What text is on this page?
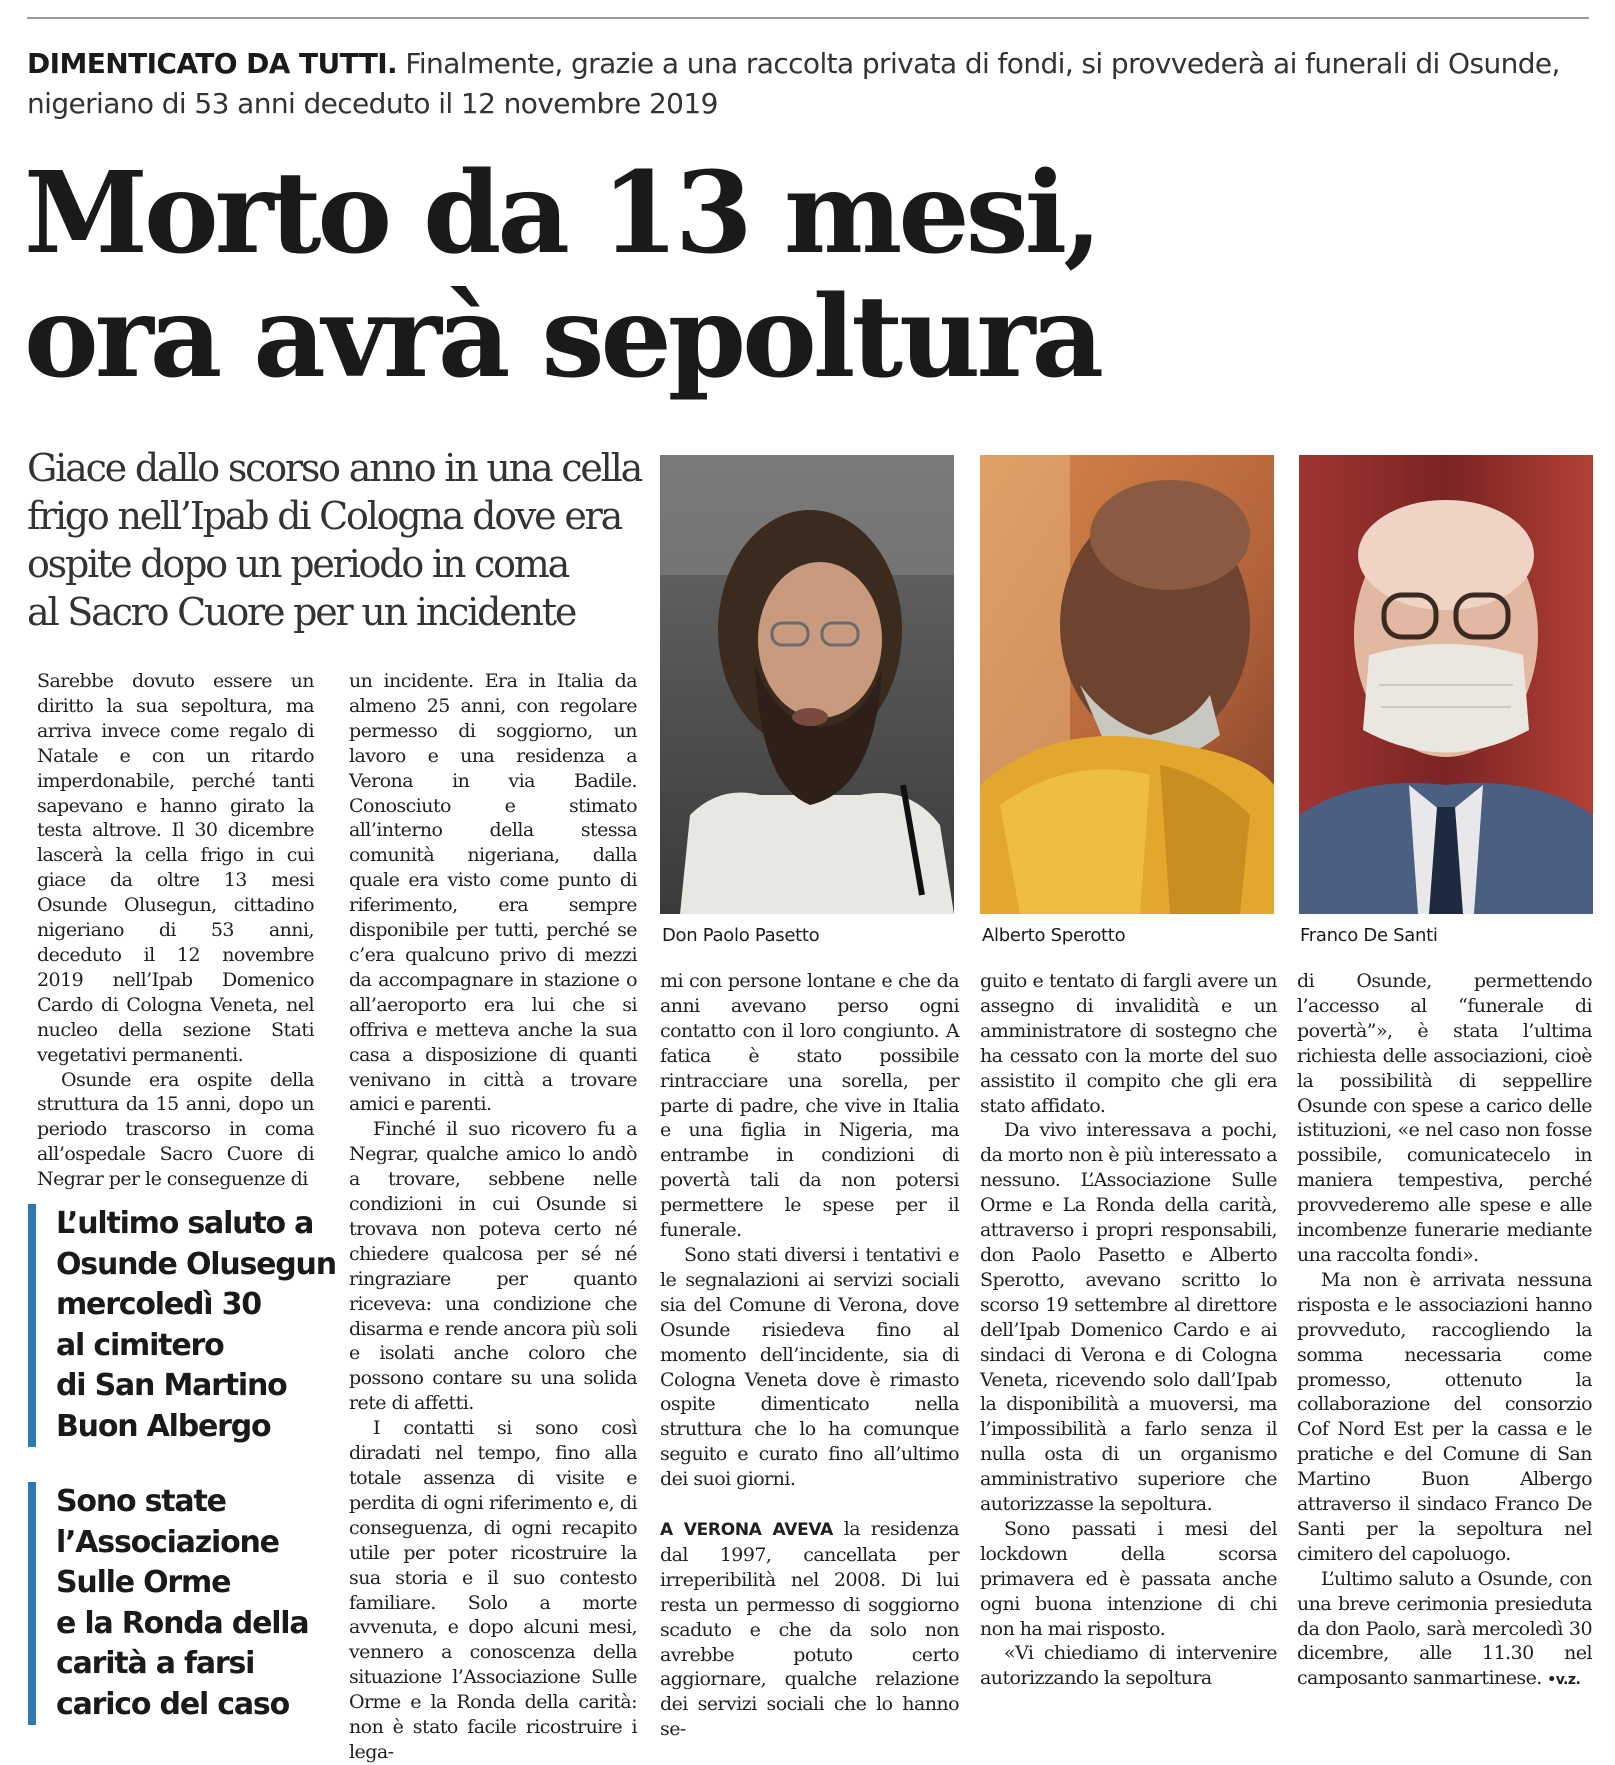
DIMENTICATO DA TUTTI. Finalmente, grazie a una raccolta privata di fondi, si provvederà ai funerali di Osunde, nigeriano di 53 anni deceduto il 12 novembre 2019
Morto da 13 mesi,
ora avrà sepoltura
Giace dallo scorso anno in una cella
frigo nell’Ipab di Cologna dove era
ospite dopo un periodo in coma
al Sacro Cuore per un incidente
Don Paolo Pasetto	Alberto Sperotto	Franco De Santi

Sarebbe dovuto essere un diritto la sua sepoltura, ma arriva invece come regalo di Natale e con un ritardo imperdonabile, perché tanti sapevano e hanno girato la testa altrove. Il 30 dicembre lascerà la cella frigo in cui giace da oltre 13 mesi Osunde Olusegun, cittadino nigeriano di 53 anni, deceduto il 12 novembre 2019 nell’Ipab Domenico Cardo di Cologna Veneta, nel nucleo della sezione Stati vegetativi permanenti.

Osunde era ospite della struttura da 15 anni, dopo un periodo trascorso in coma all’ospedale Sacro Cuore di Negrar per le conseguenze di

un incidente. Era in Italia da almeno 25 anni, con regolare permesso di soggiorno, un lavoro e una residenza a Verona in via Badile. Conosciuto e stimato all’interno della stessa comunità nigeriana, dalla quale era visto come punto di riferimento, era sempre disponibile per tutti, perché se c’era qualcuno privo di mezzi da accompagnare in stazione o all’aeroporto era lui che si offriva e metteva anche la sua casa a disposizione di quanti venivano in città a trovare amici e parenti.

Finché il suo ricovero fu a Negrar, qualche amico lo andò a trovare, sebbene nelle condizioni in cui Osunde si trovava non poteva certo né chiedere qualcosa per sé né ringraziare per quanto riceveva: una condizione che disarma e rende ancora più soli e isolati anche coloro che possono contare su una solida rete di affetti.

I contatti si sono così diradati nel tempo, fino alla totale assenza di visite e perdita di ogni riferimento e, di conseguenza, di ogni recapito utile per poter ricostruire la sua storia e il suo contesto familiare. Solo a morte avvenuta, e dopo alcuni mesi, vennero a conoscenza della situazione l’Associazione Sulle Orme e la Ronda della carità: non è stato facile ricostruire i lega-

mi con persone lontane e che da anni avevano perso ogni contatto con il loro congiunto. A fatica è stato possibile rintracciare una sorella, per parte di padre, che vive in Italia e una figlia in Nigeria, ma entrambe in condizioni di povertà tali da non potersi permettere le spese per il funerale.

Sono stati diversi i tentativi e le segnalazioni ai servizi sociali sia del Comune di Verona, dove Osunde risiedeva fino al momento dell’incidente, sia di Cologna Veneta dove è rimasto ospite dimenticato nella struttura che lo ha comunque seguito e curato fino all’ultimo dei suoi giorni.

A VERONA AVEVA la residenza dal 1997, cancellata per irreperibilità nel 2008. Di lui resta un permesso di soggiorno scaduto e che da solo non avrebbe potuto certo aggiornare, qualche relazione dei servizi sociali che lo hanno se-

guito e tentato di fargli avere un assegno di invalidità e un amministratore di sostegno che ha cessato con la morte del suo assistito il compito che gli era stato affidato.

Da vivo interessava a pochi, da morto non è più interessato a nessuno. L’Associazione Sulle Orme e La Ronda della carità, attraverso i propri responsabili, don Paolo Pasetto e Alberto Sperotto, avevano scritto lo scorso 19 settembre al direttore dell’Ipab Domenico Cardo e ai sindaci di Verona e di Cologna Veneta, ricevendo solo dall’Ipab la disponibilità a muoversi, ma l’impossibilità a farlo senza il nulla osta di un organismo amministrativo superiore che autorizzasse la sepoltura.

Sono passati i mesi del lockdown della scorsa primavera ed è passata anche ogni buona intenzione di chi non ha mai risposto.

«Vi chiediamo di intervenire autorizzando la sepoltura

di Osunde, permettendo l’accesso al “funerale di povertà”», è stata l’ultima richiesta delle associazioni, cioè la possibilità di seppellire Osunde con spese a carico delle istituzioni, «e nel caso non fosse possibile, comunicatecelo in maniera tempestiva, perché provvederemo alle spese e alle incombenze funerarie mediante una raccolta fondi».

Ma non è arrivata nessuna risposta e le associazioni hanno provveduto, raccogliendo la somma necessaria come promesso, ottenuto la collaborazione del consorzio Cof Nord Est per la cassa e le pratiche e del Comune di San Martino Buon Albergo attraverso il sindaco Franco De Santi per la sepoltura nel cimitero del capoluogo.

L’ultimo saluto a Osunde, con una breve cerimonia presieduta da don Paolo, sarà mercoledì 30 dicembre, alle 11.30 nel camposanto sanmartinese. •v.z.

L’ultimo saluto a
Osunde Olusegun
mercoledì 30
al cimitero
di San Martino
Buon Albergo
Sono state
l’Associazione
Sulle Orme
e la Ronda della
carità a farsi
carico del caso
